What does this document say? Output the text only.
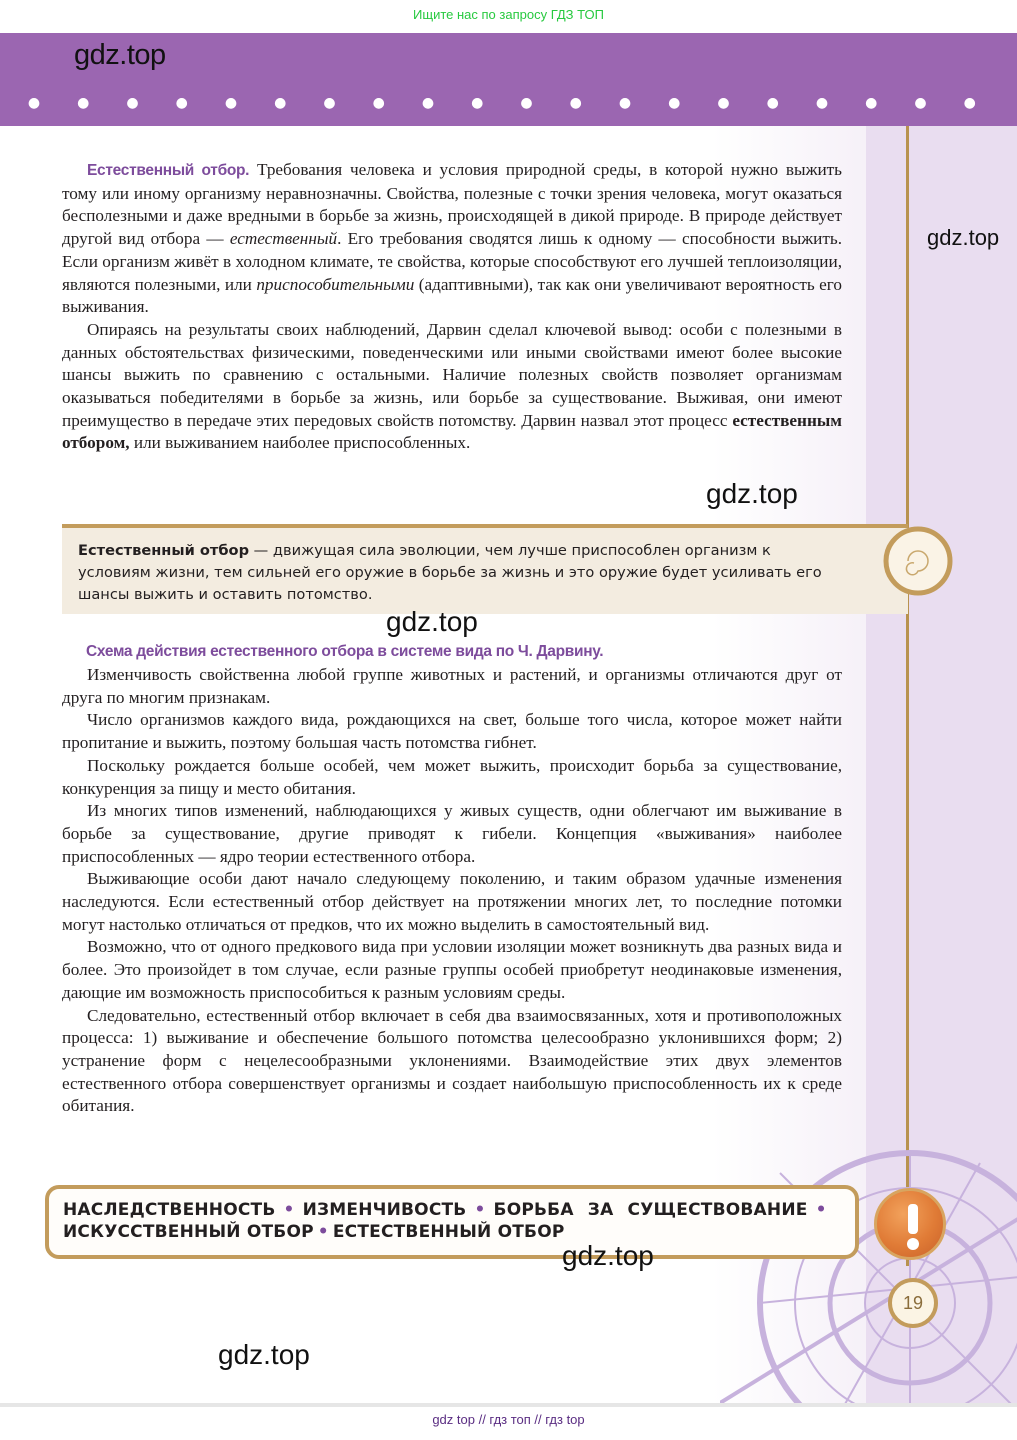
Ищите нас по запросу ГДЗ ТОП
gdz.top
●	●	●	●	●	●	●	●	●	●	●	●	●	●	●	●	●	●	●	●
gdz.top

Естественный отбор. Требования человека и условия природной среды, в которой нужно выжить тому или иному организму неравнозначны. Свойства, полезные с точки зрения человека, могут оказаться бесполезными и даже вредными в борьбе за жизнь, происходящей в дикой природе. В природе действует другой вид отбора — естественный. Его требования сводятся лишь к одному — способности выжить. Если организм живёт в холодном климате, те свойства, которые способствуют его лучшей теплоизоляции, являются полезными, или приспособительными (адаптивными), так как они увеличивают вероятность его выживания.

Опираясь на результаты своих наблюдений, Дарвин сделал ключевой вывод: особи с полезными в данных обстоятельствах физическими, поведенческими или иными свойствами имеют более высокие шансы выжить по сравнению с остальными. Наличие полезных свойств позволяет организмам оказываться победителями в борьбе за жизнь, или борьбе за существование. Выживая, они имеют преимущество в передаче этих передовых свойств потомству. Дарвин назвал этот процесс естественным отбором, или выживанием наиболее приспособленных.

gdz.top
Естественный отбор — движущая сила эволюции, чем лучше приспособлен организм к условиям жизни, тем сильней его оружие в борьбе за жизнь и это оружие будет усиливать его шансы выжить и оставить потомство.
gdz.top
Схема действия естественного отбора в системе вида по Ч. Дарвину.

Изменчивость свойственна любой группе животных и растений, и организмы отличаются друг от друга по многим признакам.

Число организмов каждого вида, рождающихся на свет, больше того числа, которое может найти пропитание и выжить, поэтому большая часть потомства гибнет.

Поскольку рождается больше особей, чем может выжить, происходит борьба за существование, конкуренция за пищу и место обитания.

Из многих типов изменений, наблюдающихся у живых существ, одни облегчают им выживание в борьбе за существование, другие приводят к гибели. Концепция «выживания» наиболее приспособленных — ядро теории естественного отбора.

Выживающие особи дают начало следующему поколению, и таким образом удачные изменения наследуются. Если естественный отбор действует на протяжении многих лет, то последние потомки могут настолько отличаться от предков, что их можно выделить в самостоятельный вид.

Возможно, что от одного предкового вида при условии изоляции может возникнуть два разных вида и более. Это произойдет в том случае, если разные группы особей приобретут неодинаковые изменения, дающие им возможность приспособиться к разным условиям среды.

Следовательно, естественный отбор включает в себя два взаимосвязанных, хотя и противоположных процесса: 1) выживание и обеспечение большого потомства целесообразно уклонившихся форм; 2) устранение форм с нецелесообразными уклонениями. Взаимодействие этих двух элементов естественного отбора совершенствует организмы и создает наибольшую приспособленность их к среде обитания.

НАСЛЕДСТВЕННОСТЬ • ИЗМЕНЧИВОСТЬ • БОРЬБА ЗА СУЩЕСТВОВАНИЕ •
ИСКУССТВЕННЫЙ ОТБОР • ЕСТЕСТВЕННЫЙ ОТБОР
19
gdz.top
gdz.top
gdz top // гдз топ // гдз top
